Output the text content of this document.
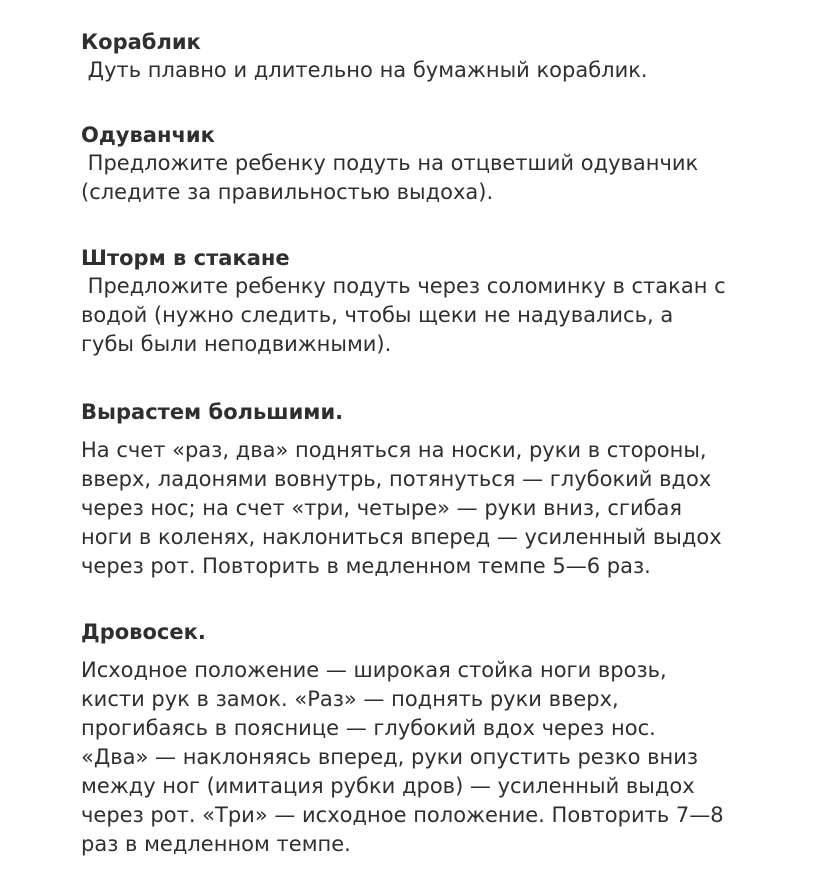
Кораблик

Дуть плавно и длительно на бумажный кораблик.

Одуванчик

Предложите ребенку подуть на отцветший одуванчик

(следите за правильностью выдоха).

Шторм в стакане

Предложите ребенку подуть через соломинку в стакан с

водой (нужно следить, чтобы щеки не надувались, а

губы были неподвижными).

Вырастем большими.

На счет «раз, два» подняться на носки, руки в стороны,

вверх, ладонями вовнутрь, потянуться — глубокий вдох

через нос; на счет «три, четыре» — руки вниз, сгибая

ноги в коленях, наклониться вперед — усиленный выдох

через рот. Повторить в медленном темпе 5—6 раз.

Дровосек.

Исходное положение — широкая стойка ноги врозь,

кисти рук в замок. «Раз» — поднять руки вверх,

прогибаясь в пояснице — глубокий вдох через нос.

«Два» — наклоняясь вперед, руки опустить резко вниз

между ног (имитация рубки дров) — усиленный выдох

через рот. «Три» — исходное положение. Повторить 7—8

раз в медленном темпе.
